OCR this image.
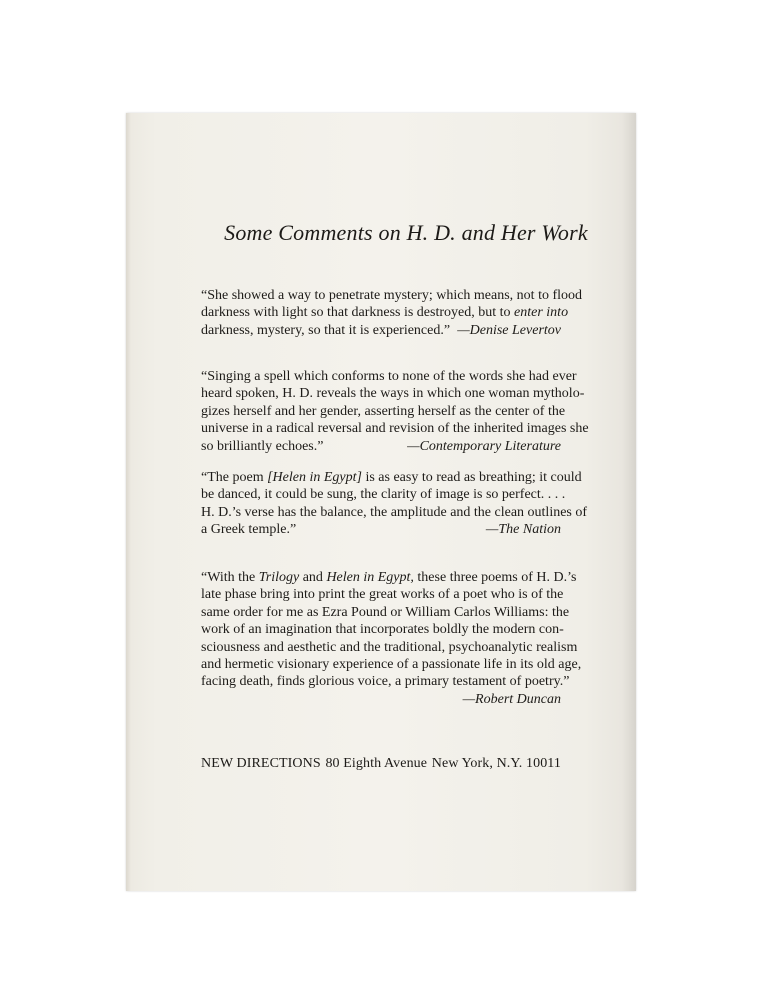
Some Comments on H. D. and Her Work
“She showed a way to penetrate mystery; which means, not to flood
darkness with light so that darkness is destroyed, but to enter into
darkness, mystery, so that it is experienced.” —Denise Levertov
“Singing a spell which conforms to none of the words she had ever
heard spoken, H. D. reveals the ways in which one woman mytholo-
gizes herself and her gender, asserting herself as the center of the
universe in a radical reversal and revision of the inherited images she
so brilliantly echoes.”	—Contemporary Literature
“The poem [Helen in Egypt] is as easy to read as breathing; it could
be danced, it could be sung, the clarity of image is so perfect. . . .
H. D.’s verse has the balance, the amplitude and the clean outlines of
a Greek temple.”	—The Nation
“With the Trilogy and Helen in Egypt, these three poems of H. D.’s
late phase bring into print the great works of a poet who is of the
same order for me as Ezra Pound or William Carlos Williams: the
work of an imagination that incorporates boldly the modern con-
sciousness and aesthetic and the traditional, psychoanalytic realism
and hermetic visionary experience of a passionate life in its old age,
facing death, finds glorious voice, a primary testament of poetry.”
—Robert Duncan
NEW DIRECTIONS 80 Eighth Avenue New York, N.Y. 10011
